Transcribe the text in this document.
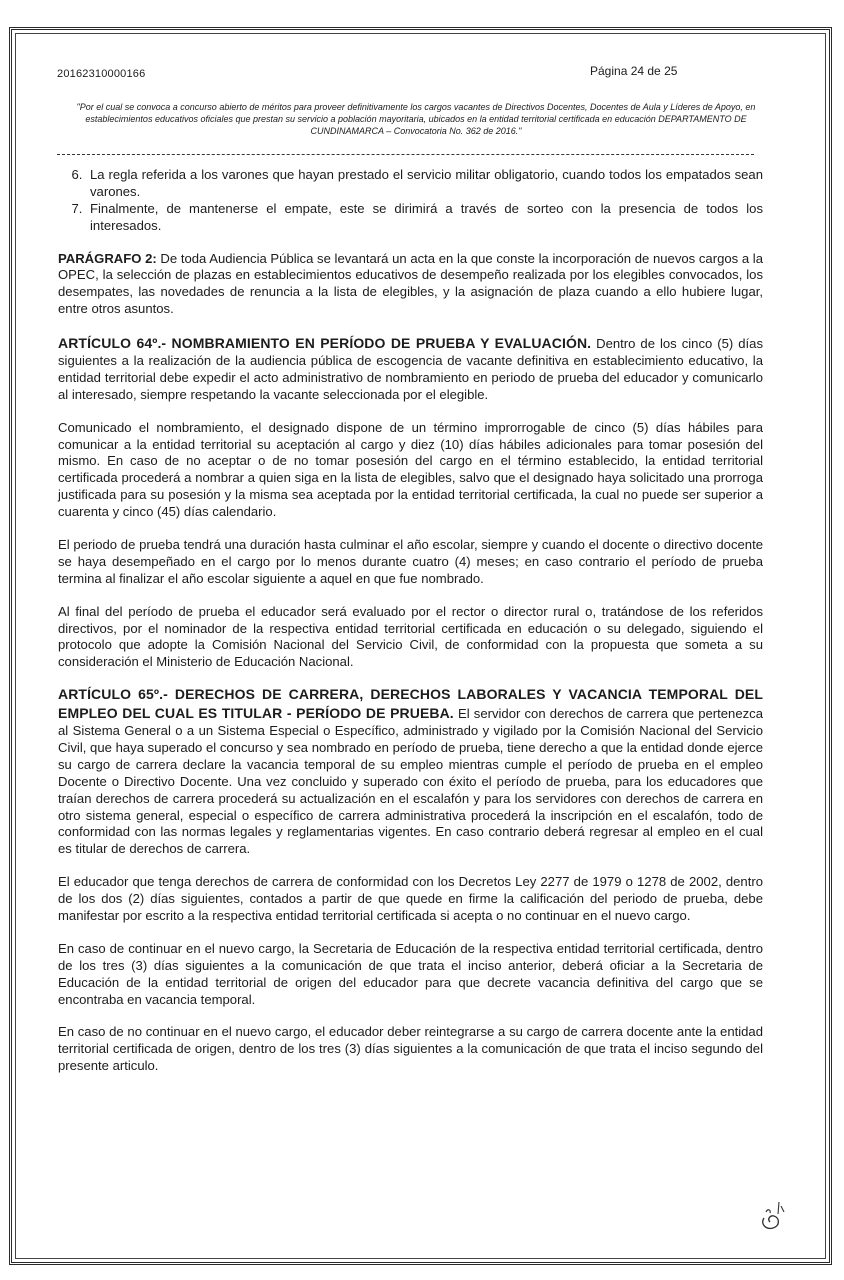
20162310000166	Página 24 de 25
"Por el cual se convoca a concurso abierto de méritos para proveer definitivamente los cargos vacantes de Directivos Docentes, Docentes de Aula y Líderes de Apoyo, en establecimientos educativos oficiales que prestan su servicio a población mayoritaria, ubicados en la entidad territorial certificada en educación DEPARTAMENTO DE CUNDINAMARCA – Convocatoria No. 362 de 2016."
6. La regla referida a los varones que hayan prestado el servicio militar obligatorio, cuando todos los empatados sean varones.
7. Finalmente, de mantenerse el empate, este se dirimirá a través de sorteo con la presencia de todos los interesados.

PARÁGRAFO 2: De toda Audiencia Pública se levantará un acta en la que conste la incorporación de nuevos cargos a la OPEC, la selección de plazas en establecimientos educativos de desempeño realizada por los elegibles convocados, los desempates, las novedades de renuncia a la lista de elegibles, y la asignación de plaza cuando a ello hubiere lugar, entre otros asuntos.

ARTÍCULO 64º.- NOMBRAMIENTO EN PERÍODO DE PRUEBA Y EVALUACIÓN. Dentro de los cinco (5) días siguientes a la realización de la audiencia pública de escogencia de vacante definitiva en establecimiento educativo, la entidad territorial debe expedir el acto administrativo de nombramiento en periodo de prueba del educador y comunicarlo al interesado, siempre respetando la vacante seleccionada por el elegible.

Comunicado el nombramiento, el designado dispone de un término improrrogable de cinco (5) días hábiles para comunicar a la entidad territorial su aceptación al cargo y diez (10) días hábiles adicionales para tomar posesión del mismo. En caso de no aceptar o de no tomar posesión del cargo en el término establecido, la entidad territorial certificada procederá a nombrar a quien siga en la lista de elegibles, salvo que el designado haya solicitado una prorroga justificada para su posesión y la misma sea aceptada por la entidad territorial certificada, la cual no puede ser superior a cuarenta y cinco (45) días calendario.

El periodo de prueba tendrá una duración hasta culminar el año escolar, siempre y cuando el docente o directivo docente se haya desempeñado en el cargo por lo menos durante cuatro (4) meses; en caso contrario el período de prueba termina al finalizar el año escolar siguiente a aquel en que fue nombrado.

Al final del período de prueba el educador será evaluado por el rector o director rural o, tratándose de los referidos directivos, por el nominador de la respectiva entidad territorial certificada en educación o su delegado, siguiendo el protocolo que adopte la Comisión Nacional del Servicio Civil, de conformidad con la propuesta que someta a su consideración el Ministerio de Educación Nacional.

ARTÍCULO 65º.- DERECHOS DE CARRERA, DERECHOS LABORALES Y VACANCIA TEMPORAL DEL EMPLEO DEL CUAL ES TITULAR - PERÍODO DE PRUEBA. El servidor con derechos de carrera que pertenezca al Sistema General o a un Sistema Especial o Específico, administrado y vigilado por la Comisión Nacional del Servicio Civil, que haya superado el concurso y sea nombrado en período de prueba, tiene derecho a que la entidad donde ejerce su cargo de carrera declare la vacancia temporal de su empleo mientras cumple el período de prueba en el empleo Docente o Directivo Docente. Una vez concluido y superado con éxito el período de prueba, para los educadores que traían derechos de carrera procederá su actualización en el escalafón y para los servidores con derechos de carrera en otro sistema general, especial o específico de carrera administrativa procederá la inscripción en el escalafón, todo de conformidad con las normas legales y reglamentarias vigentes. En caso contrario deberá regresar al empleo en el cual es titular de derechos de carrera.

El educador que tenga derechos de carrera de conformidad con los Decretos Ley 2277 de 1979 o 1278 de 2002, dentro de los dos (2) días siguientes, contados a partir de que quede en firme la calificación del periodo de prueba, debe manifestar por escrito a la respectiva entidad territorial certificada si acepta o no continuar en el nuevo cargo.

En caso de continuar en el nuevo cargo, la Secretaria de Educación de la respectiva entidad territorial certificada, dentro de los tres (3) días siguientes a la comunicación de que trata el inciso anterior, deberá oficiar a la Secretaria de Educación de la entidad territorial de origen del educador para que decrete vacancia definitiva del cargo que se encontraba en vacancia temporal.

En caso de no continuar en el nuevo cargo, el educador deber reintegrarse a su cargo de carrera docente ante la entidad territorial certificada de origen, dentro de los tres (3) días siguientes a la comunicación de que trata el inciso segundo del presente articulo.
